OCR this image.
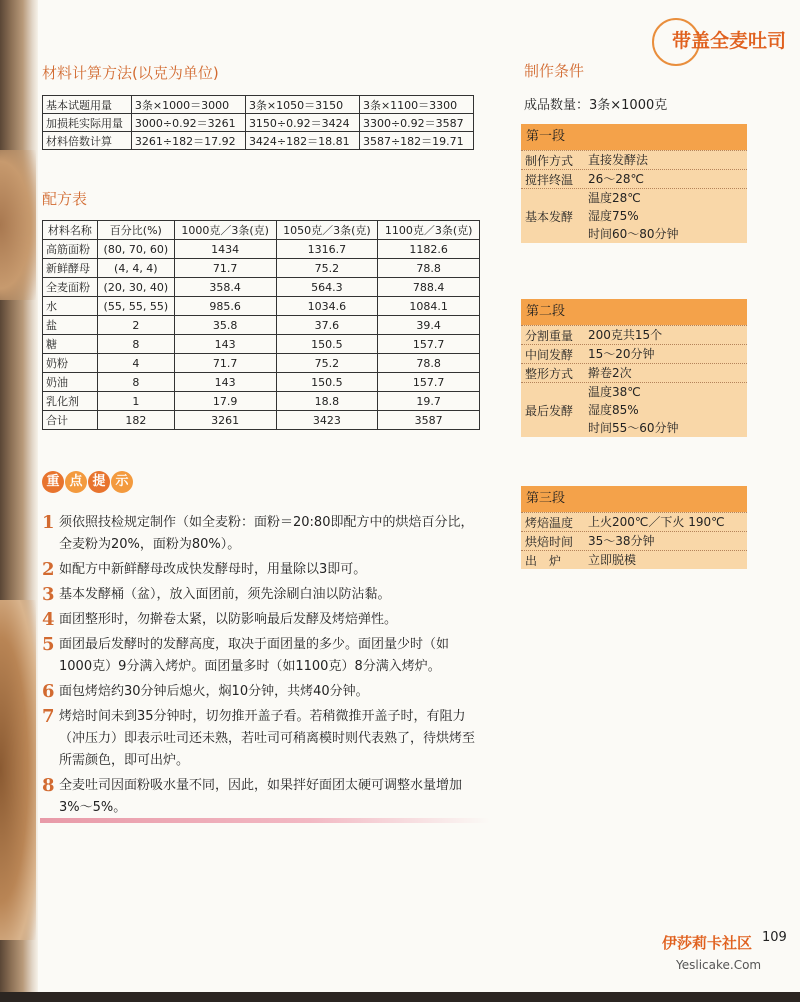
带盖全麦吐司
材料计算方法(以克为单位)
基本试题用量	3条×1000＝3000	3条×1050＝3150	3条×1100＝3300
加损耗实际用量	3000÷0.92＝3261	3150÷0.92＝3424	3300÷0.92＝3587
材料倍数计算	3261÷182＝17.92	3424÷182＝18.81	3587÷182＝19.71
配方表
材料名称	百分比(%)	1000克／3条(克)	1050克／3条(克)	1100克／3条(克)
高筋面粉	(80, 70, 60)	1434	1316.7	1182.6
新鲜酵母	(4, 4, 4)	71.7	75.2	78.8
全麦面粉	(20, 30, 40)	358.4	564.3	788.4
水	(55, 55, 55)	985.6	1034.6	1084.1
盐	2	35.8	37.6	39.4
糖	8	143	150.5	157.7
奶粉	4	71.7	75.2	78.8
奶油	8	143	150.5	157.7
乳化剂	1	17.9	18.8	19.7
合计	182	3261	3423	3587
重 点 提 示
1 须依照技检规定制作（如全麦粉：面粉＝20:80即配方中的烘焙百分比，全麦粉为20%，面粉为80%）。
2 如配方中新鲜酵母改成快发酵母时，用量除以3即可。
3 基本发酵桶（盆），放入面团前，须先涂刷白油以防沾黏。
4 面团整形时，勿擀卷太紧，以防影响最后发酵及烤焙弹性。
5 面团最后发酵时的发酵高度，取决于面团量的多少。面团量少时（如1000克）9分满入烤炉。面团量多时（如1100克）8分满入烤炉。
6 面包烤焙约30分钟后熄火，焖10分钟，共烤40分钟。
7 烤焙时间未到35分钟时，切勿推开盖子看。若稍微推开盖子时，有阻力（冲压力）即表示吐司还未熟，若吐司可稍离模时则代表熟了，待烘烤至所需颜色，即可出炉。
8 全麦吐司因面粉吸水量不同，因此，如果拌好面团太硬可调整水量增加3%～5%。
制作条件
成品数量：3条×1000克
第一段
制作方式	直接发酵法
搅拌终温	26～28℃
基本发酵
温度28℃
湿度75%
时间60～80分钟
第二段
分割重量	200克共15个
中间发酵	15～20分钟
整形方式	擀卷2次
最后发酵
温度38℃
湿度85%
时间55～60分钟
第三段
烤焙温度	上火200℃／下火 190℃
烘焙时间	35～38分钟
出　炉	立即脱模
伊莎莉卡社区 109
Yeslicake.Com
